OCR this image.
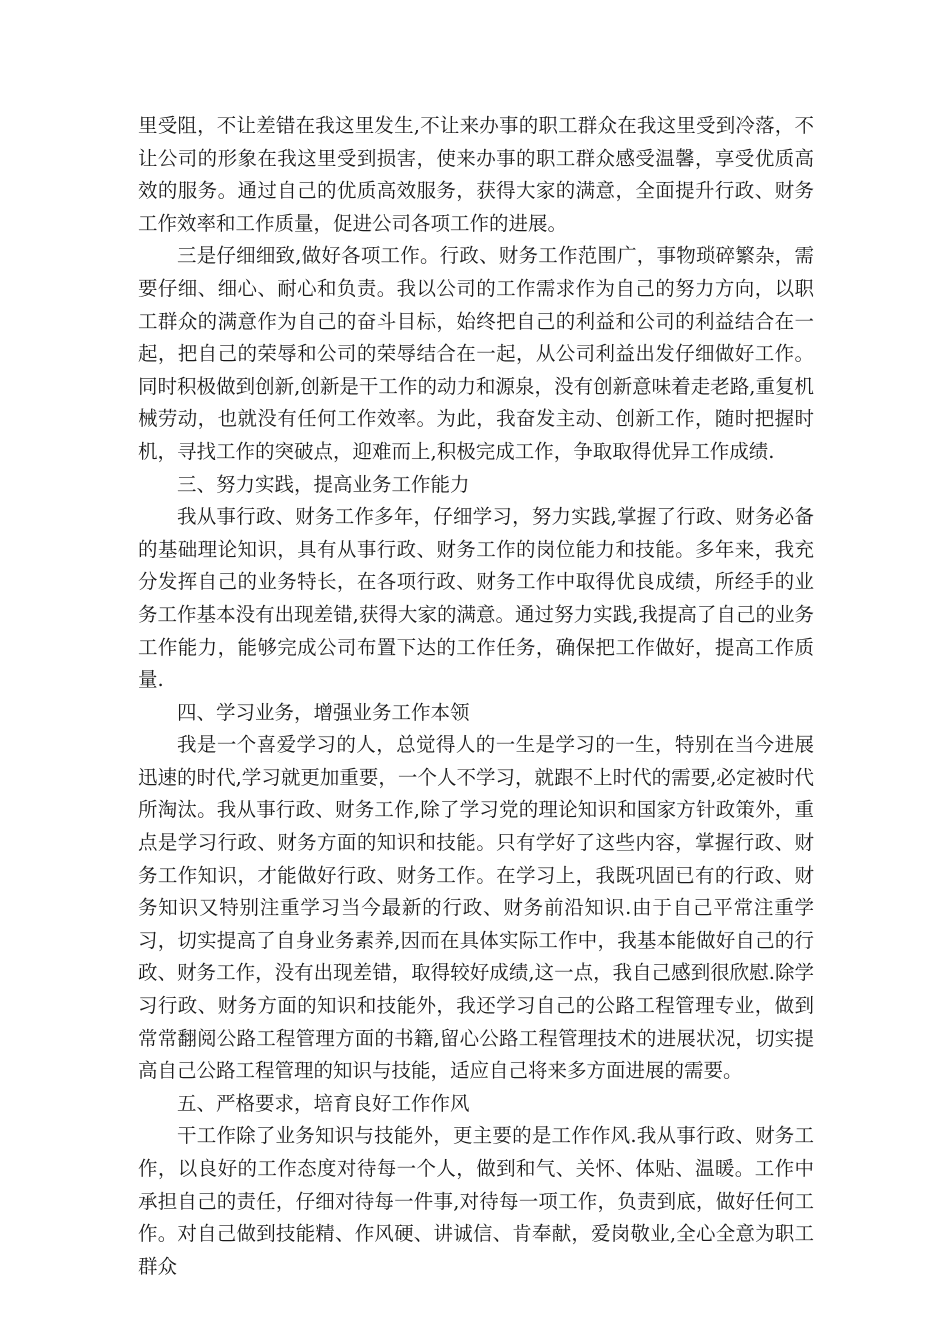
里受阻，不让差错在我这里发生,不让来办事的职工群众在我这里受到冷落，不让公司的形象在我这里受到损害，使来办事的职工群众感受温馨，享受优质高效的服务。通过自己的优质高效服务，获得大家的满意，全面提升行政、财务工作效率和工作质量，促进公司各项工作的进展。

三是仔细细致,做好各项工作。行政、财务工作范围广，事物琐碎繁杂，需要仔细、细心、耐心和负责。我以公司的工作需求作为自己的努力方向，以职工群众的满意作为自己的奋斗目标，始终把自己的利益和公司的利益结合在一起，把自己的荣辱和公司的荣辱结合在一起，从公司利益出发仔细做好工作。同时积极做到创新,创新是干工作的动力和源泉，没有创新意味着走老路,重复机械劳动，也就没有任何工作效率。为此，我奋发主动、创新工作，随时把握时机，寻找工作的突破点，迎难而上,积极完成工作，争取取得优异工作成绩.

三、努力实践，提高业务工作能力

我从事行政、财务工作多年，仔细学习，努力实践,掌握了行政、财务必备的基础理论知识，具有从事行政、财务工作的岗位能力和技能。多年来，我充分发挥自己的业务特长，在各项行政、财务工作中取得优良成绩，所经手的业务工作基本没有出现差错,获得大家的满意。通过努力实践,我提高了自己的业务工作能力，能够完成公司布置下达的工作任务，确保把工作做好，提高工作质量.

四、学习业务，增强业务工作本领

我是一个喜爱学习的人，总觉得人的一生是学习的一生，特别在当今进展迅速的时代,学习就更加重要，一个人不学习，就跟不上时代的需要,必定被时代所淘汰。我从事行政、财务工作,除了学习党的理论知识和国家方针政策外，重点是学习行政、财务方面的知识和技能。只有学好了这些内容，掌握行政、财务工作知识，才能做好行政、财务工作。在学习上，我既巩固已有的行政、财务知识又特别注重学习当今最新的行政、财务前沿知识.由于自己平常注重学习，切实提高了自身业务素养,因而在具体实际工作中，我基本能做好自己的行政、财务工作，没有出现差错，取得较好成绩,这一点，我自己感到很欣慰.除学习行政、财务方面的知识和技能外，我还学习自己的公路工程管理专业，做到常常翻阅公路工程管理方面的书籍,留心公路工程管理技术的进展状况，切实提高自己公路工程管理的知识与技能，适应自己将来多方面进展的需要。

五、严格要求，培育良好工作作风

干工作除了业务知识与技能外，更主要的是工作作风.我从事行政、财务工作，以良好的工作态度对待每一个人，做到和气、关怀、体贴、温暖。工作中承担自己的责任，仔细对待每一件事,对待每一项工作，负责到底，做好任何工作。对自己做到技能精、作风硬、讲诚信、肯奉献，爱岗敬业,全心全意为职工群众
